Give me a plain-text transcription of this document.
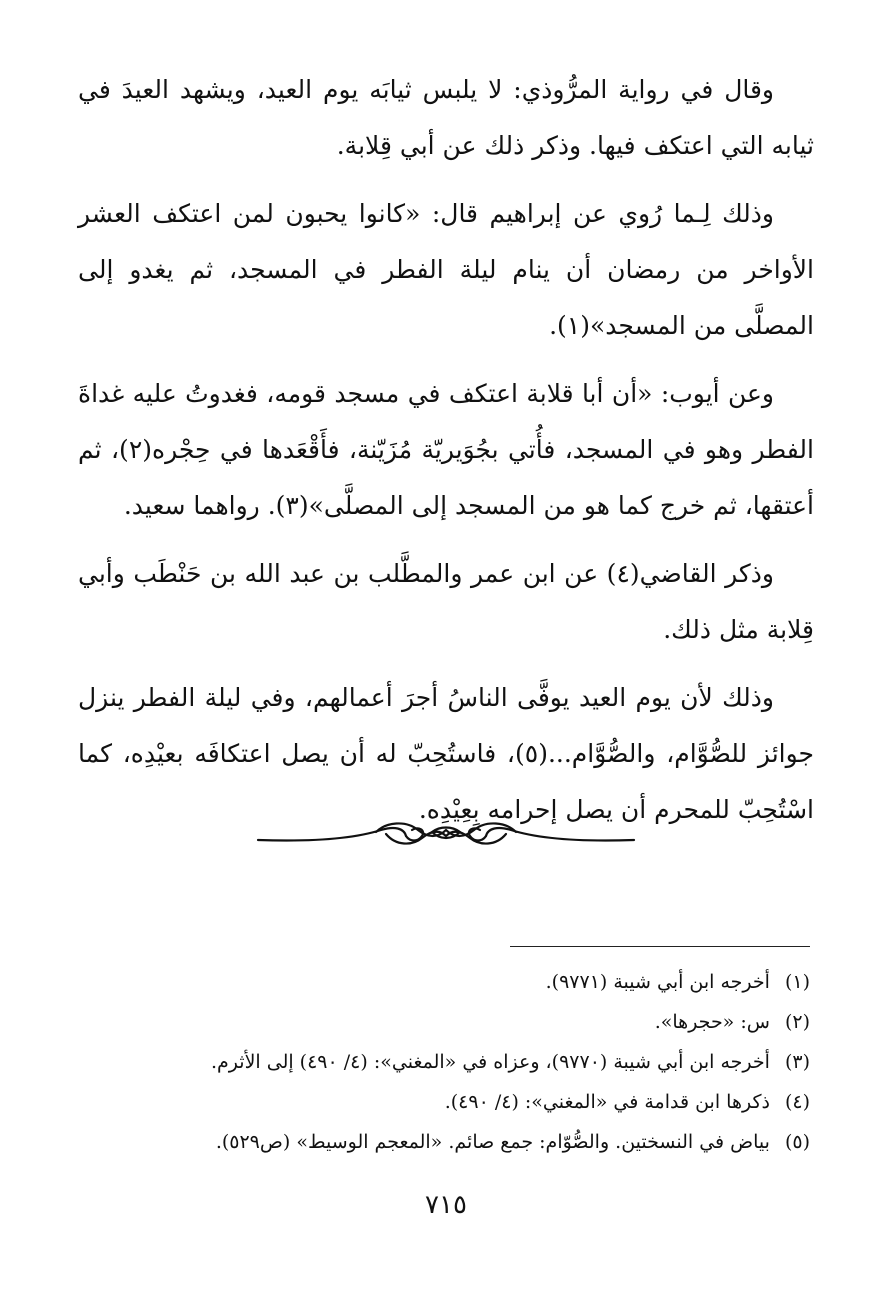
وقال في رواية المرُّوذي: لا يلبس ثيابَه يوم العيد، ويشهد العيدَ في ثيابه التي اعتكف فيها. وذكر ذلك عن أبي قِلابة.

وذلك لِـما رُوي عن إبراهيم قال: «كانوا يحبون لمن اعتكف العشر الأواخر من رمضان أن ينام ليلة الفطر في المسجد، ثم يغدو إلى المصلَّى من المسجد»(١).

وعن أيوب: «أن أبا قلابة اعتكف في مسجد قومه، فغدوتُ عليه غداةَ الفطر وهو في المسجد، فأُتي بجُوَيريّة مُزَيّنة، فأَقْعَدها في حِجْره(٢)، ثم أعتقها، ثم خرج كما هو من المسجد إلى المصلَّى»(٣). رواهما سعيد.

وذكر القاضي(٤) عن ابن عمر والمطَّلب بن عبد الله بن حَنْطَب وأبي قِلابة مثل ذلك.

وذلك لأن يوم العيد يوفَّى الناسُ أجرَ أعمالهم، وفي ليلة الفطر ينزل جوائز للصُّوَّام، والصُّوَّام...(٥)، فاستُحِبّ له أن يصل اعتكافَه بعيْدِه، كما اسْتُحِبّ للمحرم أن يصل إحرامه بِعِيْدِه.

(١) أخرجه ابن أبي شيبة (٩٧٧١).
(٢) س: «حجرها».
(٣) أخرجه ابن أبي شيبة (٩٧٧٠)، وعزاه في «المغني»: (٤/ ٤٩٠) إلى الأثرم.
(٤) ذكرها ابن قدامة في «المغني»: (٤/ ٤٩٠).
(٥) بياض في النسختين. والصُّوّام: جمع صائم. «المعجم الوسيط» (ص٥٢٩).
٧١٥
